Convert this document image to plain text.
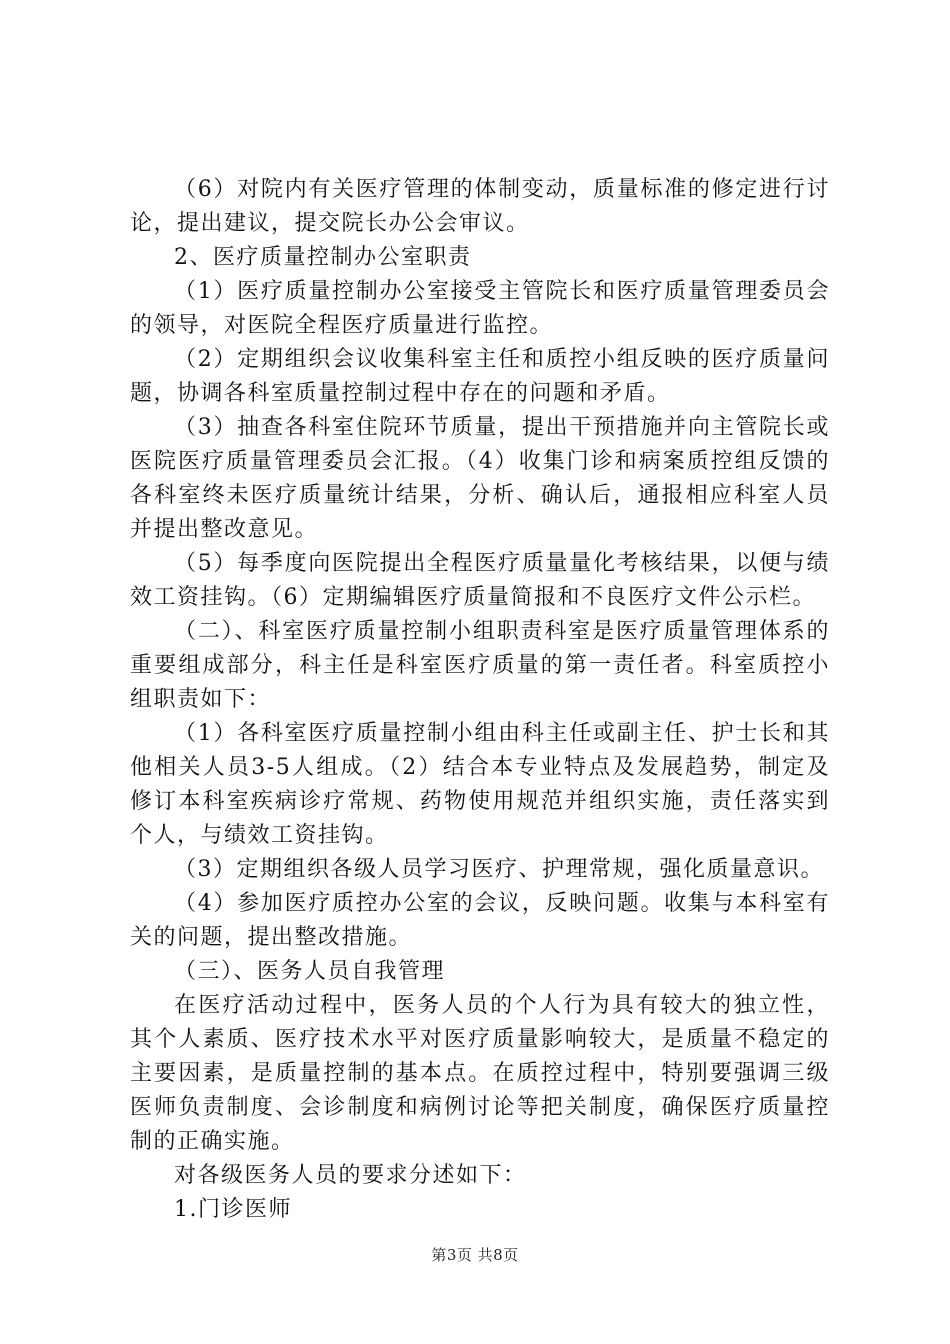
（6）对院内有关医疗管理的体制变动，质量标准的修定进行讨论，提出建议，提交院长办公会审议。

2、医疗质量控制办公室职责

（1）医疗质量控制办公室接受主管院长和医疗质量管理委员会的领导，对医院全程医疗质量进行监控。

（2）定期组织会议收集科室主任和质控小组反映的医疗质量问题，协调各科室质量控制过程中存在的问题和矛盾。

（3）抽查各科室住院环节质量，提出干预措施并向主管院长或医院医疗质量管理委员会汇报。（4）收集门诊和病案质控组反馈的各科室终未医疗质量统计结果，分析、确认后，通报相应科室人员并提出整改意见。

（5）每季度向医院提出全程医疗质量量化考核结果，以便与绩效工资挂钩。（6）定期编辑医疗质量简报和不良医疗文件公示栏。

（二）、科室医疗质量控制小组职责科室是医疗质量管理体系的重要组成部分，科主任是科室医疗质量的第一责任者。科室质控小组职责如下：

（1）各科室医疗质量控制小组由科主任或副主任、护士长和其他相关人员3-5人组成。（2）结合本专业特点及发展趋势，制定及修订本科室疾病诊疗常规、药物使用规范并组织实施，责任落实到个人，与绩效工资挂钩。

（3）定期组织各级人员学习医疗、护理常规，强化质量意识。

（4）参加医疗质控办公室的会议，反映问题。收集与本科室有关的问题，提出整改措施。

（三）、医务人员自我管理

在医疗活动过程中，医务人员的个人行为具有较大的独立性，其个人素质、医疗技术水平对医疗质量影响较大，是质量不稳定的主要因素，是质量控制的基本点。在质控过程中，特别要强调三级医师负责制度、会诊制度和病例讨论等把关制度，确保医疗质量控制的正确实施。

对各级医务人员的要求分述如下：

1.门诊医师

第3页 共8页
